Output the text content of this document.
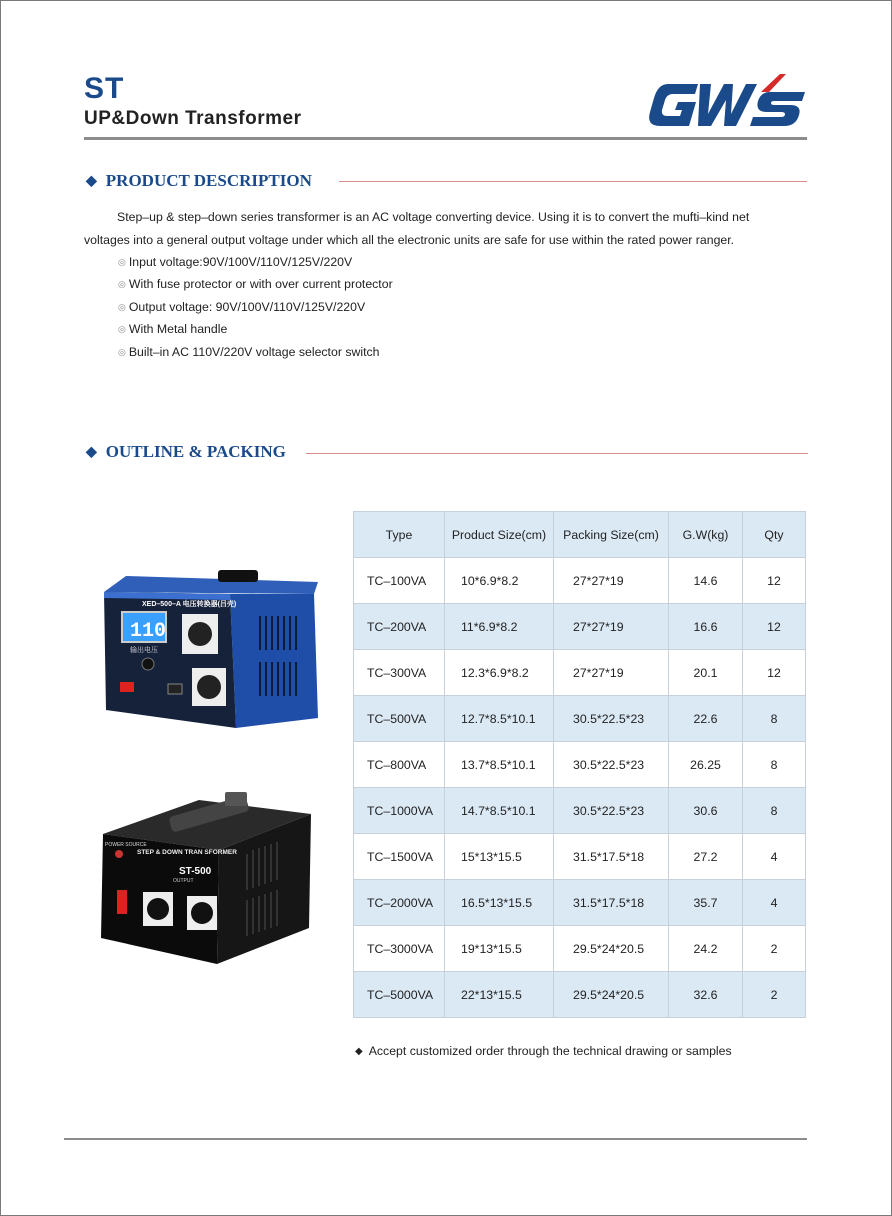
ST
UP&Down Transformer
◆ PRODUCT DESCRIPTION
Step–up & step–down series transformer is an AC voltage converting device. Using it is to convert the mufti–kind net voltages into a general output voltage under which all the electronic units are safe for use within the rated power ranger.
◎ Input voltage:90V/100V/110V/125V/220V
◎ With fuse protector or with over current protector
◎ Output voltage: 90V/100V/110V/125V/220V
◎ With Metal handle
◎ Built–in AC 110V/220V voltage selector switch
◆ OUTLINE & PACKING
XED–500–A 电压转换器(吕壳)
110
输出电压
POWER SOURCE
STEP & DOWN TRAN SFORMER
ST-500
OUTPUT
Type	Product Size(cm)	Packing Size(cm)	G.W(kg)	Qty
TC–100VA	10*6.9*8.2	27*27*19	14.6	12
TC–200VA	11*6.9*8.2	27*27*19	16.6	12
TC–300VA	12.3*6.9*8.2	27*27*19	20.1	12
TC–500VA	12.7*8.5*10.1	30.5*22.5*23	22.6	8
TC–800VA	13.7*8.5*10.1	30.5*22.5*23	26.25	8
TC–1000VA	14.7*8.5*10.1	30.5*22.5*23	30.6	8
TC–1500VA	15*13*15.5	31.5*17.5*18	27.2	4
TC–2000VA	16.5*13*15.5	31.5*17.5*18	35.7	4
TC–3000VA	19*13*15.5	29.5*24*20.5	24.2	2
TC–5000VA	22*13*15.5	29.5*24*20.5	32.6	2
◆ Accept customized order through the technical drawing or samples
